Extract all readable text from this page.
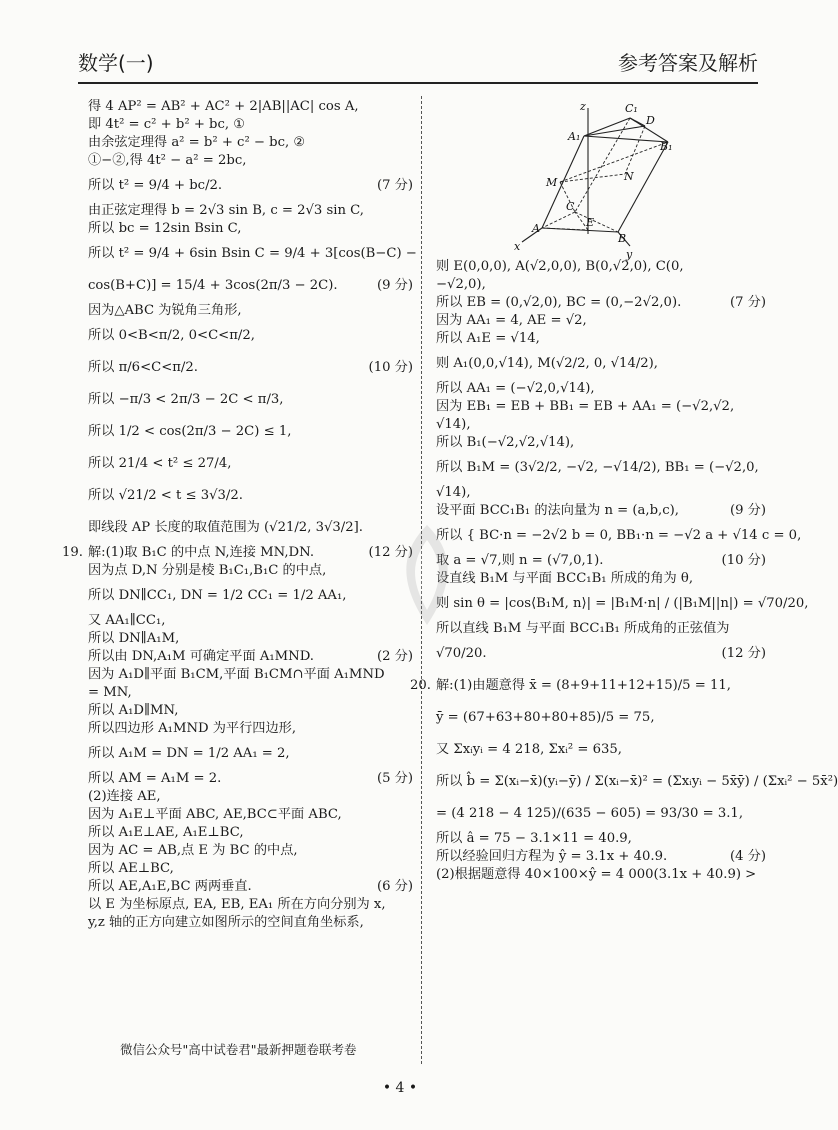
数学(一)	参考答案及解析
得 4 AP² = AB² + AC² + 2|AB||AC| cos A,
即 4t² = c² + b² + bc, ①
由余弦定理得 a² = b² + c² − bc, ②
①−②,得 4t² − a² = 2bc,
所以 t² = 9/4 + bc/2.	(7 分)
由正弦定理得 b = 2√3 sin B, c = 2√3 sin C,
所以 bc = 12sin Bsin C,
所以 t² = 9/4 + 6sin Bsin C = 9/4 + 3[cos(B−C) −
cos(B+C)] = 15/4 + 3cos(2π/3 − 2C).	(9 分)
因为△ABC 为锐角三角形,
所以 0<B<π/2, 0<C<π/2,
所以 π/6<C<π/2.	(10 分)
所以 −π/3 < 2π/3 − 2C < π/3,
所以 1/2 < cos(2π/3 − 2C) ≤ 1,
所以 21/4 < t² ≤ 27/4,
所以 √21/2 < t ≤ 3√3/2.
即线段 AP 长度的取值范围为 (√21/2, 3√3/2].
(12 分)
19. 解:(1)取 B₁C 的中点 N,连接 MN,DN.
因为点 D,N 分别是棱 B₁C₁,B₁C 的中点,
所以 DN∥CC₁, DN = 1/2 CC₁ = 1/2 AA₁,
又 AA₁∥CC₁,
所以 DN∥A₁M,
所以由 DN,A₁M 可确定平面 A₁MND.	(2 分)
因为 A₁D∥平面 B₁CM,平面 B₁CM∩平面 A₁MND
= MN,
所以 A₁D∥MN,
所以四边形 A₁MND 为平行四边形,
所以 A₁M = DN = 1/2 AA₁ = 2,
所以 AM = A₁M = 2.	(5 分)
(2)连接 AE,
因为 A₁E⊥平面 ABC, AE,BC⊂平面 ABC,
所以 A₁E⊥AE, A₁E⊥BC,
因为 AC = AB,点 E 为 BC 的中点,
所以 AE⊥BC,
所以 AE,A₁E,BC 两两垂直.	(6 分)
以 E 为坐标原点, EA, EB, EA₁ 所在方向分别为 x,
y,z 轴的正方向建立如图所示的空间直角坐标系,
则 E(0,0,0), A(√2,0,0), B(0,√2,0), C(0,
−√2,0),
所以 EB = (0,√2,0), BC = (0,−2√2,0).	(7 分)
因为 AA₁ = 4, AE = √2,
所以 A₁E = √14,
则 A₁(0,0,√14), M(√2/2, 0, √14/2),
所以 AA₁ = (−√2,0,√14),
因为 EB₁ = EB + BB₁ = EB + AA₁ = (−√2,√2,
√14),
所以 B₁(−√2,√2,√14),
所以 B₁M = (3√2/2, −√2, −√14/2), BB₁ = (−√2,0,
√14),
(9 分)
设平面 BCC₁B₁ 的法向量为 n = (a,b,c),
所以 { BC·n = −2√2 b = 0, BB₁·n = −√2 a + √14 c = 0,
取 a = √7,则 n = (√7,0,1).	(10 分)
设直线 B₁M 与平面 BCC₁B₁ 所成的角为 θ,
则 sin θ = |cos⟨B₁M, n⟩| = |B₁M·n| / (|B₁M||n|) = √70/20,
所以直线 B₁M 与平面 BCC₁B₁ 所成角的正弦值为
√70/20.	(12 分)
20. 解:(1)由题意得 x̄ = (8+9+11+12+15)/5 = 11,
ȳ = (67+63+80+80+85)/5 = 75,
又 Σxᵢyᵢ = 4 218, Σxᵢ² = 635,
所以 b̂ = Σ(xᵢ−x̄)(yᵢ−ȳ) / Σ(xᵢ−x̄)² = (Σxᵢyᵢ − 5x̄ȳ) / (Σxᵢ² − 5x̄²)
= (4 218 − 4 125)/(635 − 605) = 93/30 = 3.1,
所以 â = 75 − 3.1×11 = 40.9,
所以经验回归方程为 ŷ = 3.1x + 40.9.	(4 分)
(2)根据题意得 40×100×ŷ = 4 000(3.1x + 40.9) >
z	C₁
A₁
D
B₁
M	N
C
E
A
B
x
y
微信公众号"高中试卷君"最新押题卷联考卷
• 4 •
